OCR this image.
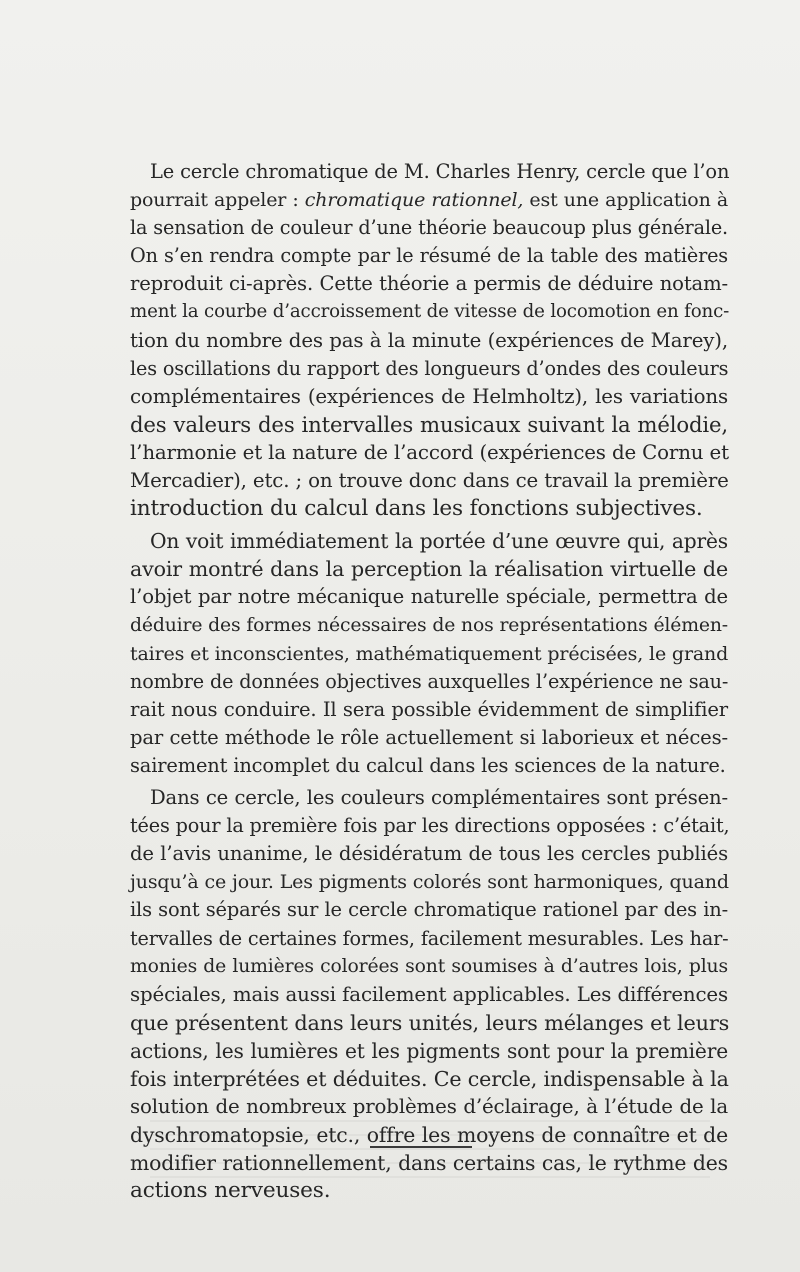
Le cercle chromatique de M. Charles Henry, cercle que l’on
pourrait appeler : chromatique rationnel, est une application à
la sensation de couleur d’une théorie beaucoup plus générale.
On s’en rendra compte par le résumé de la table des matières
reproduit ci-après. Cette théorie a permis de déduire notam-
ment la courbe d’accroissement de vitesse de locomotion en fonc-
tion du nombre des pas à la minute (expériences de Marey),
les oscillations du rapport des longueurs d’ondes des couleurs
complémentaires (expériences de Helmholtz), les variations
des valeurs des intervalles musicaux suivant la mélodie,
l’harmonie et la nature de l’accord (expériences de Cornu et
Mercadier), etc. ; on trouve donc dans ce travail la première
introduction du calcul dans les fonctions subjectives.
On voit immédiatement la portée d’une œuvre qui, après
avoir montré dans la perception la réalisation virtuelle de
l’objet par notre mécanique naturelle spéciale, permettra de
déduire des formes nécessaires de nos représentations élémen-
taires et inconscientes, mathématiquement précisées, le grand
nombre de données objectives auxquelles l’expérience ne sau-
rait nous conduire. Il sera possible évidemment de simplifier
par cette méthode le rôle actuellement si laborieux et néces-
sairement incomplet du calcul dans les sciences de la nature.
Dans ce cercle, les couleurs complémentaires sont présen-
tées pour la première fois par les directions opposées : c’était,
de l’avis unanime, le désidératum de tous les cercles publiés
jusqu’à ce jour. Les pigments colorés sont harmoniques, quand
ils sont séparés sur le cercle chromatique rationel par des in-
tervalles de certaines formes, facilement mesurables. Les har-
monies de lumières colorées sont soumises à d’autres lois, plus
spéciales, mais aussi facilement applicables. Les différences
que présentent dans leurs unités, leurs mélanges et leurs
actions, les lumières et les pigments sont pour la première
fois interprétées et déduites. Ce cercle, indispensable à la
solution de nombreux problèmes d’éclairage, à l’étude de la
dyschromatopsie, etc., offre les moyens de connaître et de
modifier rationnellement, dans certains cas, le rythme des
actions nerveuses.
